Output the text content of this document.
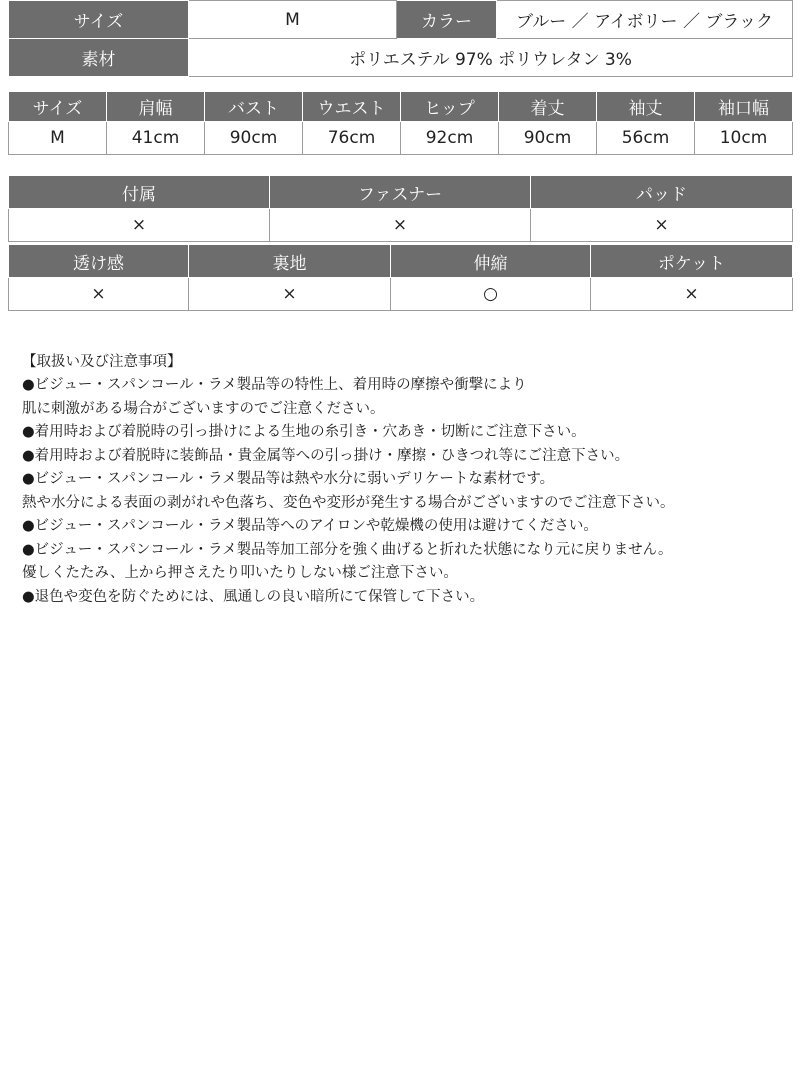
サイズ	M	カラー	ブルー ／ アイボリー ／ ブラック
素材	ポリエステル 97% ポリウレタン 3%		
サイズ	肩幅	バスト	ウエスト	ヒップ	着丈	袖丈	袖口幅
M	41cm	90cm	76cm	92cm	90cm	56cm	10cm
付属	ファスナー	パッド
×	×	×
透け感	裏地	伸縮	ポケット
×	×	○	×
【取扱い及び注意事項】
●ビジュー・スパンコール・ラメ製品等の特性上、着用時の摩擦や衝撃により
肌に刺激がある場合がございますのでご注意ください。
●着用時および着脱時の引っ掛けによる生地の糸引き・穴あき・切断にご注意下さい。
●着用時および着脱時に装飾品・貴金属等への引っ掛け・摩擦・ひきつれ等にご注意下さい。
●ビジュー・スパンコール・ラメ製品等は熱や水分に弱いデリケートな素材です。
熱や水分による表面の剥がれや色落ち、変色や変形が発生する場合がございますのでご注意下さい。
●ビジュー・スパンコール・ラメ製品等へのアイロンや乾燥機の使用は避けてください。
●ビジュー・スパンコール・ラメ製品等加工部分を強く曲げると折れた状態になり元に戻りません。
優しくたたみ、上から押さえたり叩いたりしない様ご注意下さい。
●退色や変色を防ぐためには、風通しの良い暗所にて保管して下さい。
